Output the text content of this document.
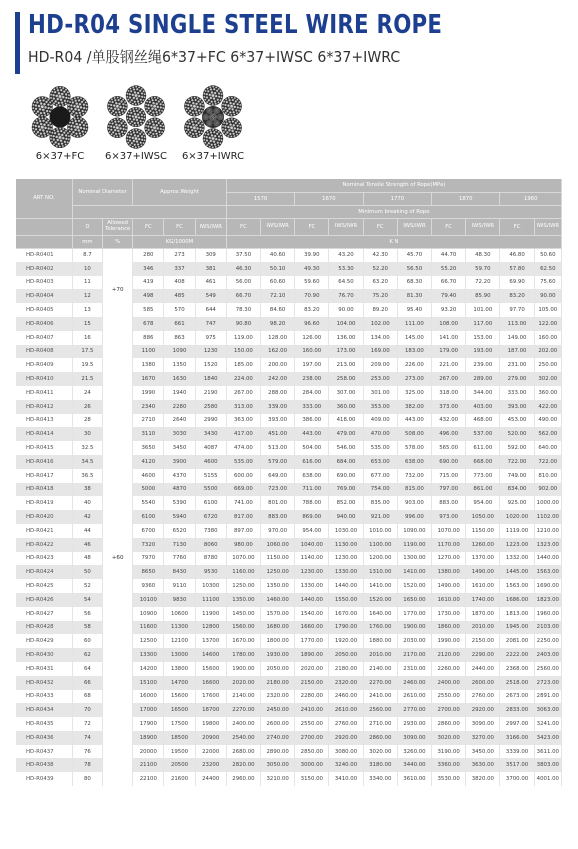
HD-R04 SINGLE STEEL WIRE ROPE
HD-R04 /单股钢丝绳6*37+FC 6*37+IWSC 6*37+IWRC
6×37+FC	6×37+IWSC	6×37+IWRC
ART NO.	Nominal Diameter		Approx.Weight			Nominal Tensile Strength of Rope(MPa)									
						1570		1670		1770		1870		1960	
						Minimum breaking of Rope									
	D	Allowed Tolerance	FC	FC	IWS/IWR	FC	IWS/IWR	FC	IWS/IWR	FC	IWS/IWR	FC	IWS/IWR	FC	IWS/IWR
	mm	%	KG/1000M			K N									
HD-R0401	8.7	+70	280	273	309	37.50	40.60	39.90	43.20	42.30	45.70	44.70	48.30	46.80	50.60
HD-R0402	10		346	337	381	46.30	50.10	49.30	53.30	52.20	56.50	55.20	59.70	57.80	62.50
HD-R0403	11		419	408	461	56.00	60.60	59.60	64.50	63.20	68.30	66.70	72.20	69.90	75.60
HD-R0404	12		498	485	549	66.70	72.10	70.90	76.70	75.20	81.30	79.40	85.90	83.20	90.00
HD-R0405	13		585	570	644	78.30	84.60	83.20	90.00	89.20	95.40	93.20	101.00	97.70	105.00
HD-R0406	15		678	661	747	90.80	98.20	96.60	104.00	102.00	111.00	108.00	117.00	113.00	122.00
HD-R0407	16	+60	886	863	975	119.00	128.00	126.00	136.00	134.00	145.00	141.00	153.00	149.00	160.00
HD-R0408	17.5		1100	1090	1230	150.00	162.00	160.00	173.00	169.00	183.00	179.00	193.00	187.00	202.00
HD-R0409	19.5		1380	1350	1520	185.00	200.00	197.00	213.00	209.00	226.00	221.00	239.00	231.00	250.00
HD-R0410	21.5		1670	1630	1840	224.00	242.00	238.00	258.00	253.00	273.00	267.00	289.00	279.00	302.00
HD-R0411	24		1990	1940	2190	267.00	288.00	284.00	307.00	301.00	325.00	318.00	344.00	333.00	360.00
HD-R0412	26		2340	2280	2580	313.00	339.00	333.00	360.00	353.00	382.00	373.00	403.00	393.00	422.00
HD-R0413	28		2710	2640	2990	363.00	393.00	386.00	418.00	409.00	443.00	432.00	468.00	453.00	490.00
HD-R0414	30		3110	3030	3430	417.00	451.00	443.00	479.00	470.00	508.00	496.00	537.00	520.00	562.00
HD-R0415	32.5		3650	3450	4087	474.00	513.00	504.00	546.00	535.00	578.00	565.00	611.00	592.00	640.00
HD-R0416	34.5		4120	3900	4600	535.00	579.00	616.00	684.00	653.00	638.00	690.00	668.00	722.00	722.00
HD-R0417	36.5		4600	4370	5155	600.00	649.00	638.00	690.00	677.00	732.00	715.00	773.00	749.00	810.00
HD-R0418	38		5000	4870	5500	669.00	723.00	711.00	769.00	754.00	815.00	797.00	861.00	834.00	902.00
HD-R0419	40		5540	5390	6100	741.00	801.00	788.00	852.00	835.00	903.00	883.00	954.00	925.00	1000.00
HD-R0420	42		6100	5940	6720	817.00	883.00	869.00	940.00	921.00	996.00	973.00	1050.00	1020.00	1102.00
HD-R0421	44		6700	6520	7380	897.00	970.00	954.00	1030.00	1010.00	1090.00	1070.00	1150.00	1119.00	1210.00
HD-R0422	46		7320	7130	8060	980.00	1060.00	1040.00	1130.00	1100.00	1190.00	1170.00	1260.00	1223.00	1323.00
HD-R0423	48		7970	7760	8780	1070.00	1150.00	1140.00	1230.00	1200.00	1300.00	1270.00	1370.00	1332.00	1440.00
HD-R0424	50		8650	8430	9530	1160.00	1250.00	1230.00	1330.00	1310.00	1410.00	1380.00	1490.00	1445.00	1563.00
HD-R0425	52		9360	9110	10300	1250.00	1350.00	1330.00	1440.00	1410.00	1520.00	1490.00	1610.00	1563.00	1690.00
HD-R0426	54		10100	9830	11100	1350.00	1460.00	1440.00	1550.00	1520.00	1650.00	1610.00	1740.00	1686.00	1823.00
HD-R0427	56		10900	10600	11900	1450.00	1570.00	1540.00	1670.00	1640.00	1770.00	1730.00	1870.00	1813.00	1960.00
HD-R0428	58		11600	11300	12800	1560.00	1680.00	1660.00	1790.00	1760.00	1900.00	1860.00	2010.00	1945.00	2103.00
HD-R0429	60		12500	12100	13700	1670.00	1800.00	1770.00	1920.00	1880.00	2030.00	1990.00	2150.00	2081.00	2250.00
HD-R0430	62		13300	13000	14600	1780.00	1930.00	1890.00	2050.00	2010.00	2170.00	2120.00	2290.00	2222.00	2403.00
HD-R0431	64		14200	13800	15600	1900.00	2050.00	2020.00	2180.00	2140.00	2310.00	2260.00	2440.00	2368.00	2560.00
HD-R0432	66		15100	14700	16600	2020.00	2180.00	2150.00	2320.00	2270.00	2460.00	2400.00	2600.00	2518.00	2723.00
HD-R0433	68		16000	15600	17600	2140.00	2320.00	2280.00	2460.00	2410.00	2610.00	2550.00	2760.00	2673.00	2891.00
HD-R0434	70		17000	16500	18700	2270.00	2450.00	2410.00	2610.00	2560.00	2770.00	2700.00	2920.00	2833.00	3063.00
HD-R0435	72		17900	17500	19800	2400.00	2600.00	2550.00	2760.00	2710.00	2930.00	2860.00	3090.00	2997.00	3241.00
HD-R0436	74		18900	18500	20900	2540.00	2740.00	2700.00	2920.00	2860.00	3090.00	3020.00	3270.00	3166.00	3423.00
HD-R0437	76		20000	19500	22000	2680.00	2890.00	2850.00	3080.00	3020.00	3260.00	3190.00	3450.00	3339.00	3611.00
HD-R0438	78		21100	20500	23200	2820.00	3050.00	3000.00	3240.00	3180.00	3440.00	3360.00	3630.00	3517.00	3803.00
HD-R0439	80		22100	21600	24400	2960.00	3210.00	3150.00	3410.00	3340.00	3610.00	3530.00	3820.00	3700.00	4001.00
